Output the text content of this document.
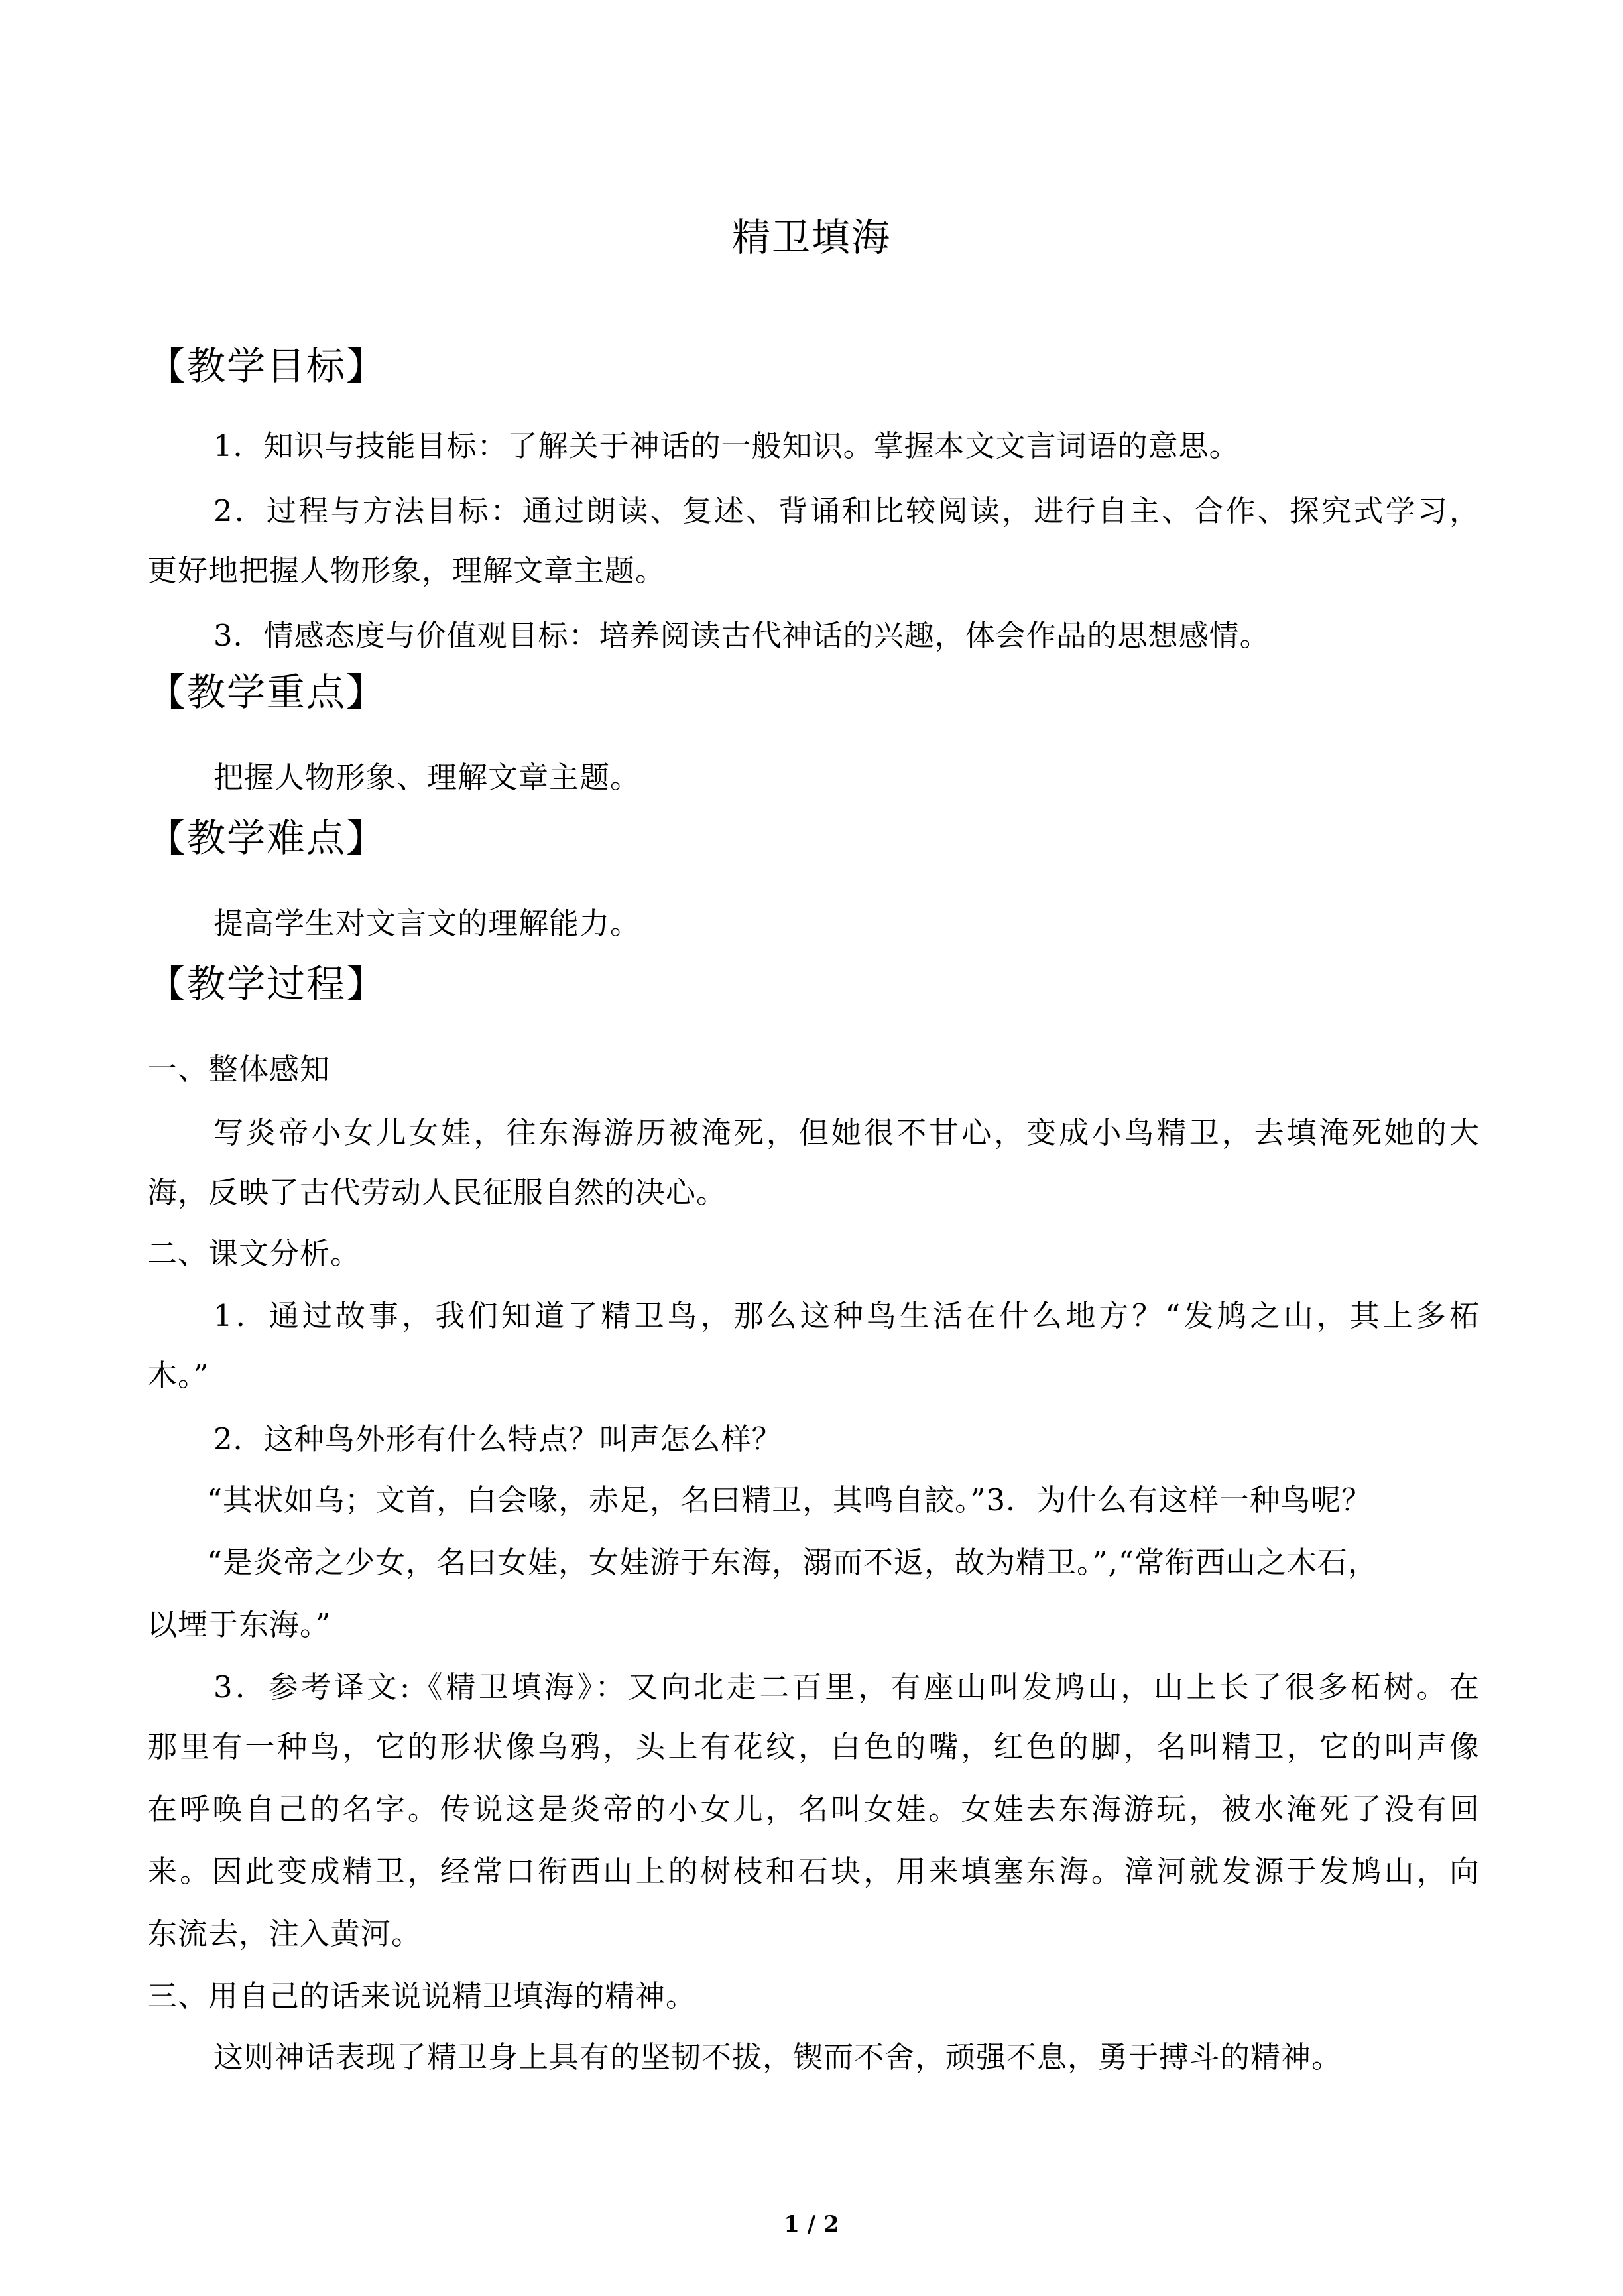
精卫填海
【教学目标】
1．知识与技能目标：了解关于神话的一般知识。掌握本文文言词语的意思。
2．过程与方法目标：通过朗读、复述、背诵和比较阅读，进行自主、合作、探究式学习，
更好地把握人物形象，理解文章主题。
3．情感态度与价值观目标：培养阅读古代神话的兴趣，体会作品的思想感情。
【教学重点】
把握人物形象、理解文章主题。
【教学难点】
提高学生对文言文的理解能力。
【教学过程】
一、整体感知
写炎帝小女儿女娃，往东海游历被淹死，但她很不甘心，变成小鸟精卫，去填淹死她的大
海，反映了古代劳动人民征服自然的决心。
二、课文分析。
1．通过故事，我们知道了精卫鸟，那么这种鸟生活在什么地方？“发鸠之山，其上多柘
木。”
2．这种鸟外形有什么特点？叫声怎么样？
“其状如乌；文首，白会喙，赤足，名曰精卫，其鸣自詨。”3．为什么有这样一种鸟呢？
“是炎帝之少女，名曰女娃，女娃游于东海，溺而不返，故为精卫。”,“常衔西山之木石，
以堙于东海。”
3．参考译文:《精卫填海》：又向北走二百里，有座山叫发鸠山，山上长了很多柘树。在
那里有一种鸟，它的形状像乌鸦，头上有花纹，白色的嘴，红色的脚，名叫精卫，它的叫声像
在呼唤自己的名字。传说这是炎帝的小女儿，名叫女娃。女娃去东海游玩，被水淹死了没有回
来。因此变成精卫，经常口衔西山上的树枝和石块，用来填塞东海。漳河就发源于发鸠山，向
东流去，注入黄河。
三、用自己的话来说说精卫填海的精神。
这则神话表现了精卫身上具有的坚韧不拔，锲而不舍，顽强不息，勇于搏斗的精神。
1 / 2
